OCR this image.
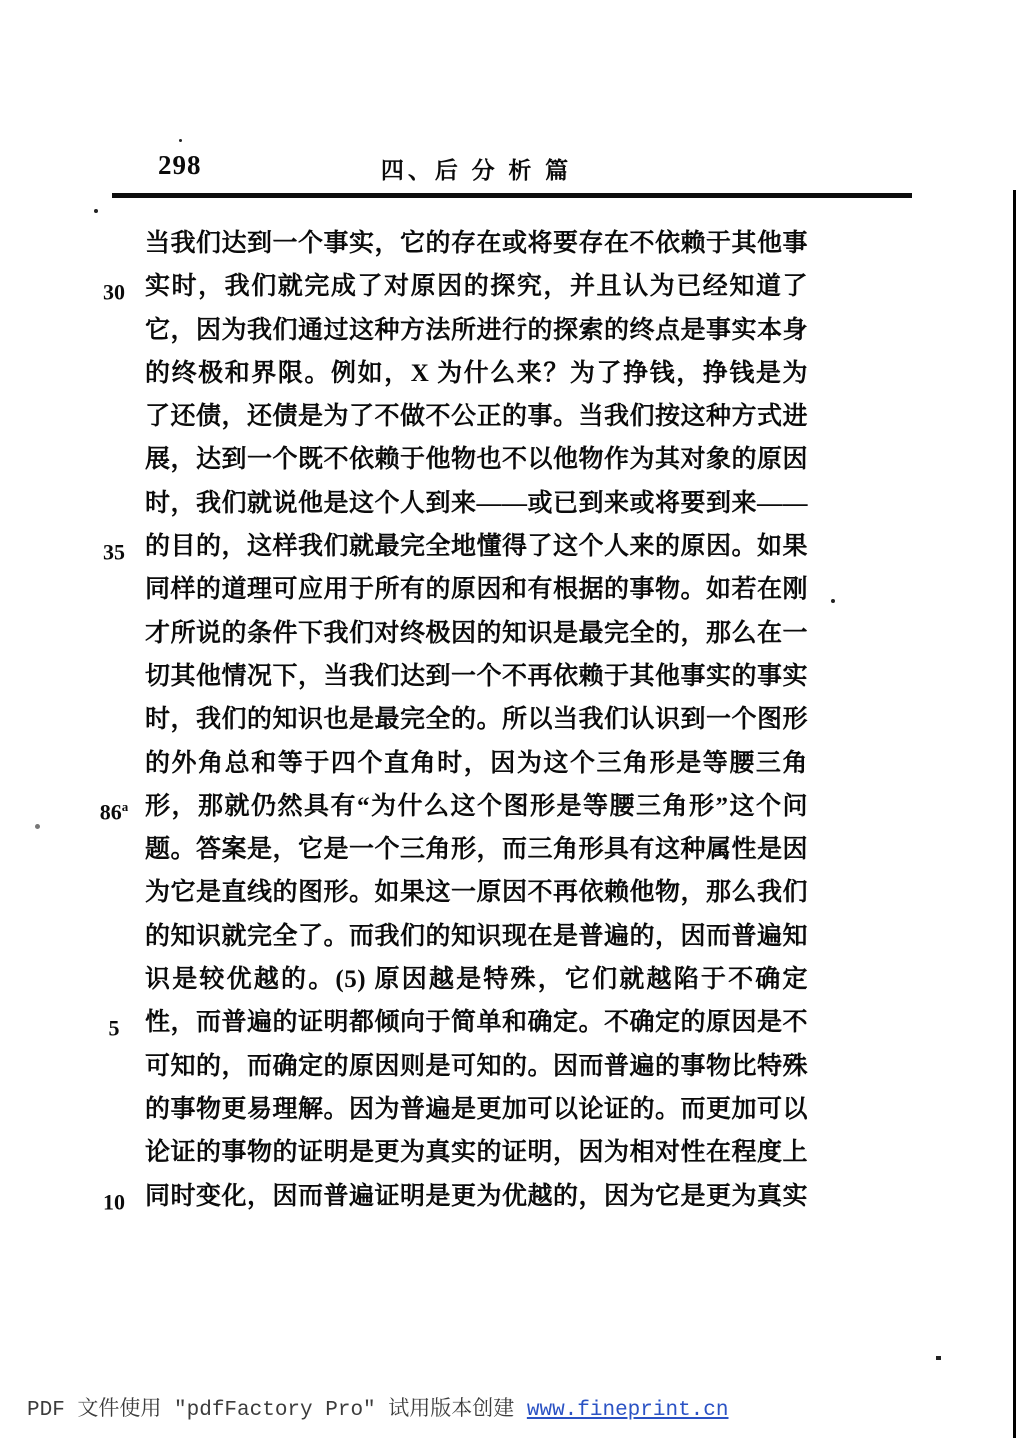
298	四、后 分 析 篇
当我们达到一个事实，它的存在或将要存在不依赖于其他事
30 实时，我们就完成了对原因的探究，并且认为已经知道了
它，因为我们通过这种方法所进行的探索的终点是事实本身
的终极和界限。例如，X 为什么来？为了挣钱，挣钱是为
了还债，还债是为了不做不公正的事。当我们按这种方式进
展，达到一个既不依赖于他物也不以他物作为其对象的原因
时，我们就说他是这个人到来——或已到来或将要到来——
35 的目的，这样我们就最完全地懂得了这个人来的原因。如果
同样的道理可应用于所有的原因和有根据的事物。如若在刚
才所说的条件下我们对终极因的知识是最完全的，那么在一
切其他情况下，当我们达到一个不再依赖于其他事实的事实
时，我们的知识也是最完全的。所以当我们认识到一个图形
的外角总和等于四个直角时，因为这个三角形是等腰三角
86$^a$ 形，那就仍然具有“为什么这个图形是等腰三角形”这个问
题。答案是，它是一个三角形，而三角形具有这种属性是因
为它是直线的图形。如果这一原因不再依赖他物，那么我们
的知识就完全了。而我们的知识现在是普遍的，因而普遍知
识是较优越的。(5) 原因越是特殊，它们就越陷于不确定
5	性，而普遍的证明都倾向于简单和确定。不确定的原因是不
可知的，而确定的原因则是可知的。因而普遍的事物比特殊
的事物更易理解。因为普遍是更加可以论证的。而更加可以
论证的事物的证明是更为真实的证明，因为相对性在程度上
10 同时变化，因而普遍证明是更为优越的，因为它是更为真实
PDF 文件使用 ″pdfFactory Pro″ 试用版本创建 www.fineprint.cn
